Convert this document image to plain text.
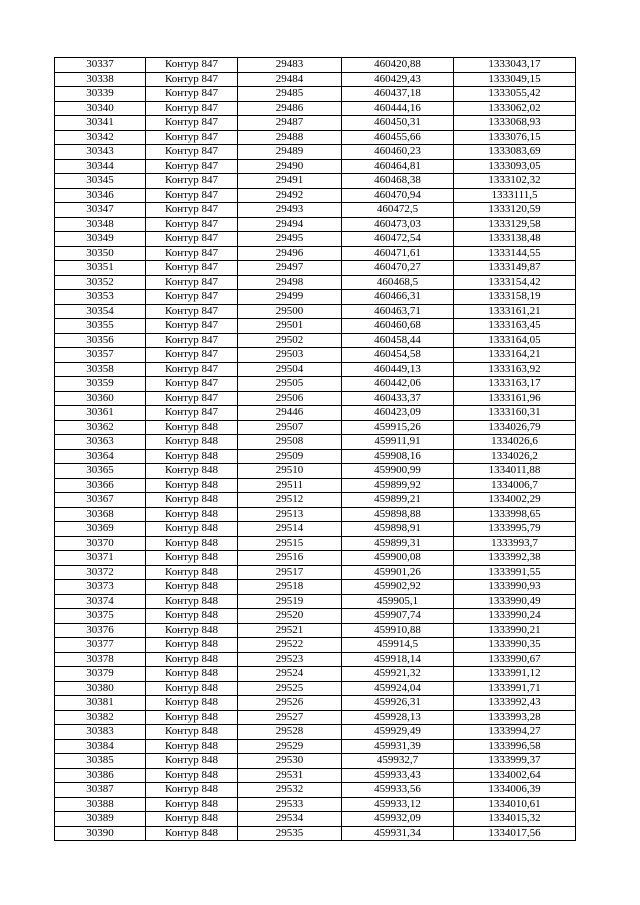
30337	Контур 847	29483	460420,88	1333043,17
30338	Контур 847	29484	460429,43	1333049,15
30339	Контур 847	29485	460437,18	1333055,42
30340	Контур 847	29486	460444,16	1333062,02
30341	Контур 847	29487	460450,31	1333068,93
30342	Контур 847	29488	460455,66	1333076,15
30343	Контур 847	29489	460460,23	1333083,69
30344	Контур 847	29490	460464,81	1333093,05
30345	Контур 847	29491	460468,38	1333102,32
30346	Контур 847	29492	460470,94	1333111,5
30347	Контур 847	29493	460472,5	1333120,59
30348	Контур 847	29494	460473,03	1333129,58
30349	Контур 847	29495	460472,54	1333138,48
30350	Контур 847	29496	460471,61	1333144,55
30351	Контур 847	29497	460470,27	1333149,87
30352	Контур 847	29498	460468,5	1333154,42
30353	Контур 847	29499	460466,31	1333158,19
30354	Контур 847	29500	460463,71	1333161,21
30355	Контур 847	29501	460460,68	1333163,45
30356	Контур 847	29502	460458,44	1333164,05
30357	Контур 847	29503	460454,58	1333164,21
30358	Контур 847	29504	460449,13	1333163,92
30359	Контур 847	29505	460442,06	1333163,17
30360	Контур 847	29506	460433,37	1333161,96
30361	Контур 847	29446	460423,09	1333160,31
30362	Контур 848	29507	459915,26	1334026,79
30363	Контур 848	29508	459911,91	1334026,6
30364	Контур 848	29509	459908,16	1334026,2
30365	Контур 848	29510	459900,99	1334011,88
30366	Контур 848	29511	459899,92	1334006,7
30367	Контур 848	29512	459899,21	1334002,29
30368	Контур 848	29513	459898,88	1333998,65
30369	Контур 848	29514	459898,91	1333995,79
30370	Контур 848	29515	459899,31	1333993,7
30371	Контур 848	29516	459900,08	1333992,38
30372	Контур 848	29517	459901,26	1333991,55
30373	Контур 848	29518	459902,92	1333990,93
30374	Контур 848	29519	459905,1	1333990,49
30375	Контур 848	29520	459907,74	1333990,24
30376	Контур 848	29521	459910,88	1333990,21
30377	Контур 848	29522	459914,5	1333990,35
30378	Контур 848	29523	459918,14	1333990,67
30379	Контур 848	29524	459921,32	1333991,12
30380	Контур 848	29525	459924,04	1333991,71
30381	Контур 848	29526	459926,31	1333992,43
30382	Контур 848	29527	459928,13	1333993,28
30383	Контур 848	29528	459929,49	1333994,27
30384	Контур 848	29529	459931,39	1333996,58
30385	Контур 848	29530	459932,7	1333999,37
30386	Контур 848	29531	459933,43	1334002,64
30387	Контур 848	29532	459933,56	1334006,39
30388	Контур 848	29533	459933,12	1334010,61
30389	Контур 848	29534	459932,09	1334015,32
30390	Контур 848	29535	459931,34	1334017,56
